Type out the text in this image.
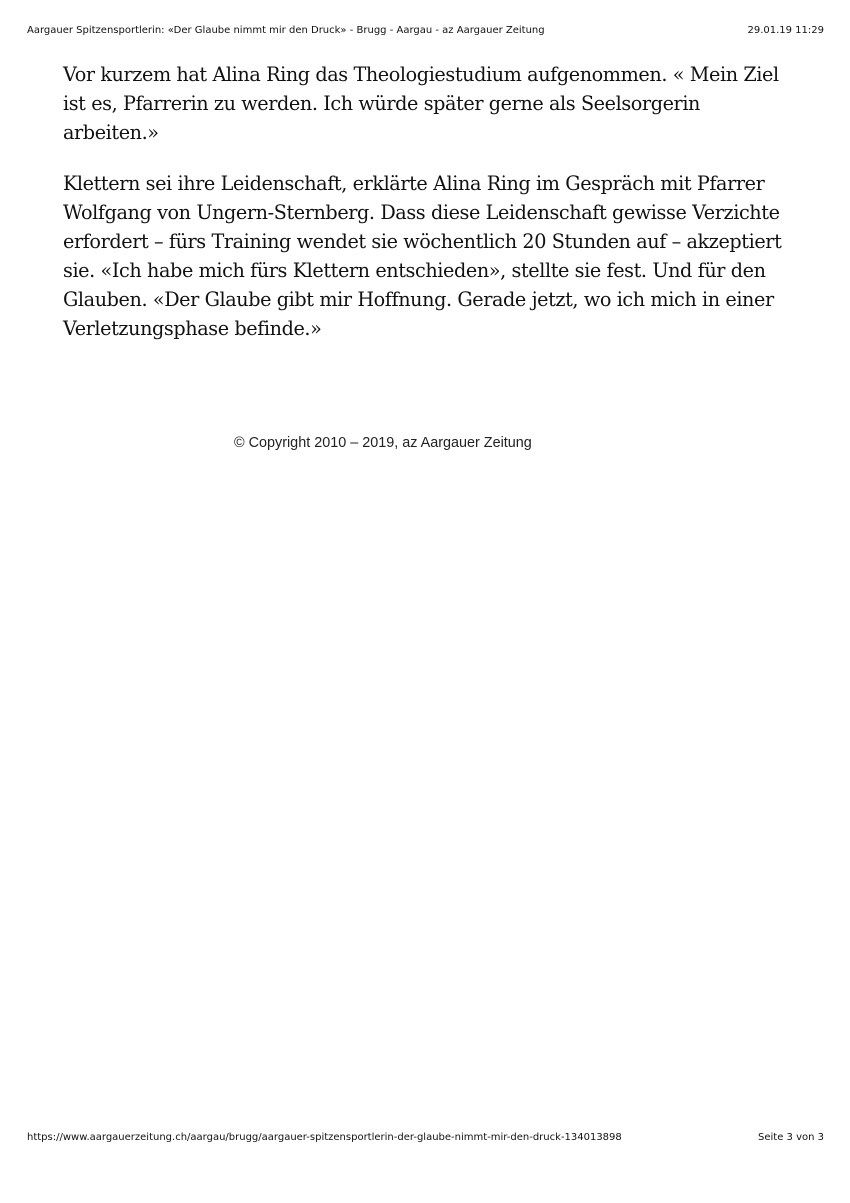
Aargauer Spitzensportlerin: «Der Glaube nimmt mir den Druck» - Brugg - Aargau - az Aargauer Zeitung	29.01.19 11:29

Vor kurzem hat Alina Ring das Theologiestudium aufgenommen. « Mein Ziel ist es, Pfarrerin zu werden. Ich würde später gerne als Seelsorgerin arbeiten.»

Klettern sei ihre Leidenschaft, erklärte Alina Ring im Gespräch mit Pfarrer Wolfgang von Ungern-Sternberg. Dass diese Leidenschaft gewisse Verzichte erfordert – fürs Training wendet sie wöchentlich 20 Stunden auf – akzeptiert sie. «Ich habe mich fürs Klettern entschieden», stellte sie fest. Und für den Glauben. «Der Glaube gibt mir Hoffnung. Gerade jetzt, wo ich mich in einer Verletzungsphase befinde.»

© Copyright 2010 – 2019, az Aargauer Zeitung
https://www.aargauerzeitung.ch/aargau/brugg/aargauer-spitzensportlerin-der-glaube-nimmt-mir-den-druck-134013898	Seite 3 von 3
